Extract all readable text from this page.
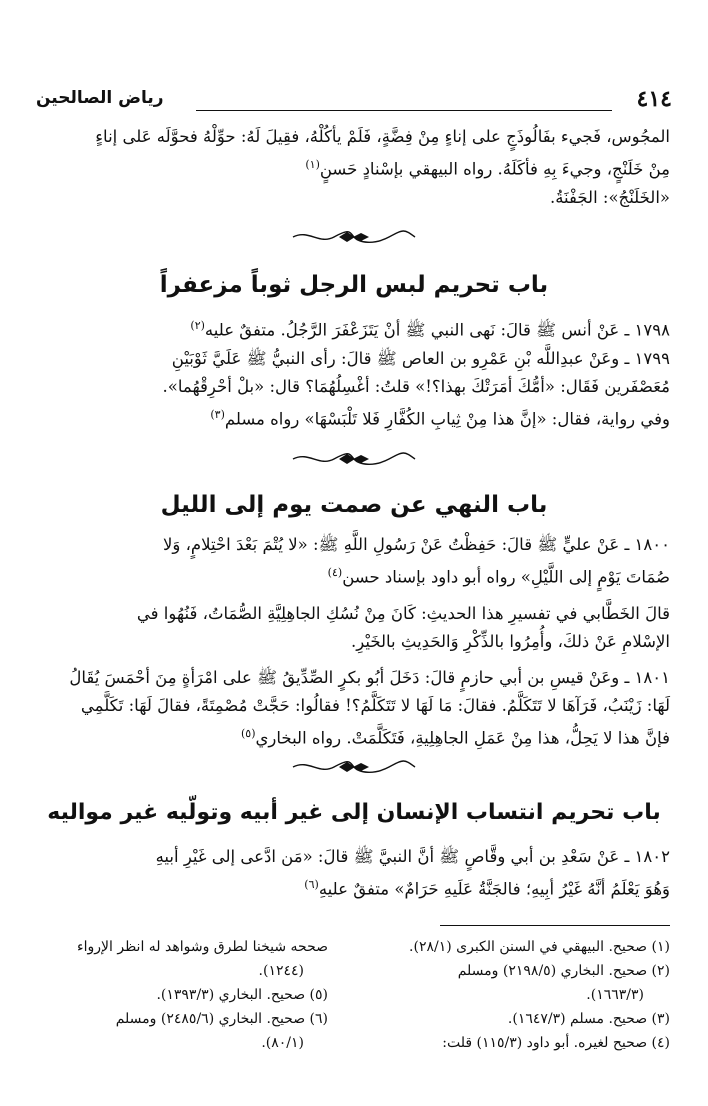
٤١٤
رياض الصالحين
المجُوس، فَجيء بفَالُوذَجٍ على إناءٍ مِنْ فِضَّةٍ، فَلَمْ يأكُلْهُ، فقِيلَ لَهُ: حوِّلْهُ فحوَّلَه عَلى إناءٍ
مِنْ خَلَنْجٍ، وجيءَ بِهِ فأكَلَهُ. رواه البيهقي بإسْنادٍ حَسنٍ$^{(١)}$
«الخَلَنْجُ»: الجَفْنَةُ.
باب تحريم لبس الرجل ثوباً مزعفراً
١٧٩٨ ـ عَنْ أنس ﷺ قالَ: نَهى النبي ﷺ أنْ يَتَزَعْفَرَ الرَّجُلُ. متفقٌ عليه$^{(٢)}$
١٧٩٩ ـ وعَنْ عبدِاللَّه بْنِ عَمْرِو بن العاص ﷺ قالَ: رأى النبيُّ ﷺ عَلَيَّ ثَوْبَيْنِ
مُعَصْفَرين فَقَال: «أمُّكَ أمَرَتْكَ بهذا؟!» قلتُ: أغْسِلُهُمَا؟ قال: «بلْ أحْرِقْهُما».
وفي رواية، فقال: «إنَّ هذا مِنْ ثِيابِ الكُفَّارِ فَلا تَلْبَسْهَا» رواه مسلم$^{(٣)}$
باب النهي عن صمت يوم إلى الليل
١٨٠٠ ـ عَنْ عليٍّ ﷺ قالَ: حَفِظْتُ عَنْ رَسُولِ اللَّهِ ﷺ: «لا يُتْمَ بَعْدَ احْتِلامٍ، وَلا
صُمَاتَ يَوْمٍ إلى اللَّيْلِ» رواه أبو داود بإسناد حسن$^{(٤)}$
قالَ الخَطَّابي في تفسيرِ هذا الحديثِ: كَانَ مِنْ نُسُكِ الجاهِلِيَّةِ الصُّمَاتُ، فَنُهُوا في
الإسْلامِ عَنْ ذلكَ، وأُمِرُوا بالذِّكْرِ وَالحَدِيثِ بالخَيْرِ.
١٨٠١ ـ وعَنْ قيسِ بن أبي حازمٍ قالَ: دَخَلَ أبُو بكرٍ الصِّدِّيقُ ﷺ على امْرَأةٍ مِنَ أحْمَسَ يُقَالُ
لَهَا: زَيْنَبُ، فَرَآهَا لا تَتَكَلَّمُ. فقالَ: مَا لَهَا لا تَتَكَلَّمُ؟! فقالُوا: حَجَّتْ مُصْمِتَةً، فقالَ لَهَا: تَكَلَّمِي
فإنَّ هذا لا يَحِلُّ، هذا مِنْ عَمَلِ الجاهِلِيةِ، فَتَكَلَّمَتْ. رواه البخاري$^{(٥)}$
باب تحريم انتساب الإنسان إلى غير أبيه وتولّيه غير مواليه
١٨٠٢ ـ عَنْ سَعْدِ بن أبي وقَّاصٍ ﷺ أنَّ النبيَّ ﷺ قالَ: «مَن ادَّعى إلى غَيْرِ أبيهِ
وَهُوَ يَعْلَمُ أنَّهُ غَيْرُ أبِيهِ؛ فالجَنَّةُ عَلَيهِ حَرَامٌ» متفقٌ عليهِ$^{(٦)}$
(١) صحيح. البيهقي في السنن الكبرى (٢٨/١).
(٢) صحيح. البخاري (٢١٩٨/٥) ومسلم
(١٦٦٣/٣).
(٣) صحيح. مسلم (١٦٤٧/٣).
(٤) صحيح لغيره. أبو داود (١١٥/٣) قلت:
صححه شيخنا لطرق وشواهد له انظر الإرواء
(١٢٤٤).
(٥) صحيح. البخاري (١٣٩٣/٣).
(٦) صحيح. البخاري (٢٤٨٥/٦) ومسلم
(٨٠/١).
